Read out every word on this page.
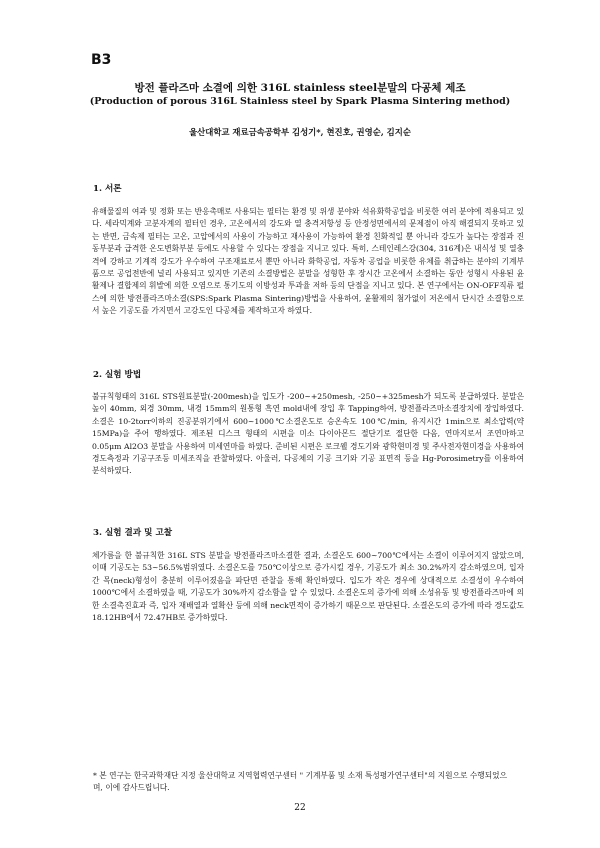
B3
방전 플라즈마 소결에 의한 316L stainless steel분말의 다공체 제조
(Production of porous 316L Stainless steel by Spark Plasma Sintering method)
울산대학교 재료금속공학부 김성기*, 현진호, 권영순, 김지순
1. 서론

유해물질의 여과 및 정화 또는 반응촉매로 사용되는 필터는 환경 및 위생 분야와 석유화학공업을 비롯한 여러 분야에 적용되고 있다. 세라믹계와 고분자계의 필터인 경우, 고온에서의 강도와 열 충격저항성 등 안정성면에서의 문제점이 아직 해결되지 못하고 있는 반면, 금속제 필터는 고온, 고압에서의 사용이 가능하고 재사용이 가능하여 환경 친화적일 뿐 아니라 강도가 높다는 장점과 진동부분과 급격한 온도변화부분 등에도 사용할 수 있다는 장점을 지니고 있다. 특히, 스테인레스강(304, 316계)은 내식성 및 열충격에 강하고 기계적 강도가 우수하여 구조재료로서 뿐만 아니라 화학공업, 자동차 공업을 비롯한 유체를 취급하는 분야의 기계부품으로 공업전반에 널리 사용되고 있지만 기존의 소결방법은 분말을 성형한 후 장시간 고온에서 소결하는 동안 성형시 사용된 윤활제나 결합제의 휘발에 의한 오염으로 통기도의 이방성과 투과율 저하 등의 단점을 지니고 있다. 본 연구에서는 ON-OFF직류 펄스에 의한 방전플라즈마소결(SPS:Spark Plasma Sintering)방법을 사용하여, 윤활제의 첨가없이 저온에서 단시간 소결함으로서 높은 기공도를 가지면서 고강도인 다공체를 제작하고자 하였다.

2. 실험 방법

불규칙형태의 316L STS원료분말(-200mesh)을 입도가 -200~+250mesh, -250~+325mesh가 되도록 분급하였다. 분말은 높이 40mm, 외경 30mm, 내경 15mm의 원통형 흑연 mold내에 장입 후 Tapping하여, 방전플라즈마소결장치에 장입하였다. 소결은 10-2torr이하의 진공분위기에서 600~1000℃소결온도로 승온속도 100℃/min, 유지시간 1min으로 최소압력(약 15MPa)을 주어 행하였다. 제조된 디스크 형태의 시편을 미소 다이아몬드 절단기로 절단한 다음, 연마지로서 조연마하고 0.05μm Al2O3 분말을 사용하여 미세연마를 하였다. 준비된 시편은 로크웰 경도기와 광학현미경 및 주사전자현미경을 사용하여 경도측정과 기공구조등 미세조직을 관찰하였다. 아울러, 다공체의 기공 크기와 기공 표면적 등을 Hg-Porosimetry를 이용하여 분석하였다.

3. 실험 결과 및 고찰

체가름을 한 불규칙한 316L STS 분말을 방전플라즈마소결한 결과, 소결온도 600~700℃에서는 소결이 이루어지지 않았으며, 이때 기공도는 53~56.5%범위였다. 소결온도를 750℃이상으로 증가시킬 경우, 기공도가 최소 30.2%까지 감소하였으며, 입자간 목(neck)형성이 충분히 이루어졌음을 파단면 관찰을 통해 확인하였다. 입도가 작은 경우에 상대적으로 소결성이 우수하여 1000℃에서 소결하였을 때, 기공도가 30%까지 감소함을 알 수 있었다. 소결온도의 증가에 의해 소성유동 및 방전플라즈마에 의한 소결촉진효과 즉, 입자 재배열과 열확산 등에 의해 neck면적이 증가하기 때문으로 판단된다. 소결온도의 증가에 따라 경도값도 18.12HB에서 72.47HB로 증가하였다.

* 본 연구는 한국과학재단 지정 울산대학교 지역협력연구센터 " 기계부품 및 소재 특성평가연구센터"의 지원으로 수행되었으며, 이에 감사드립니다.

22
